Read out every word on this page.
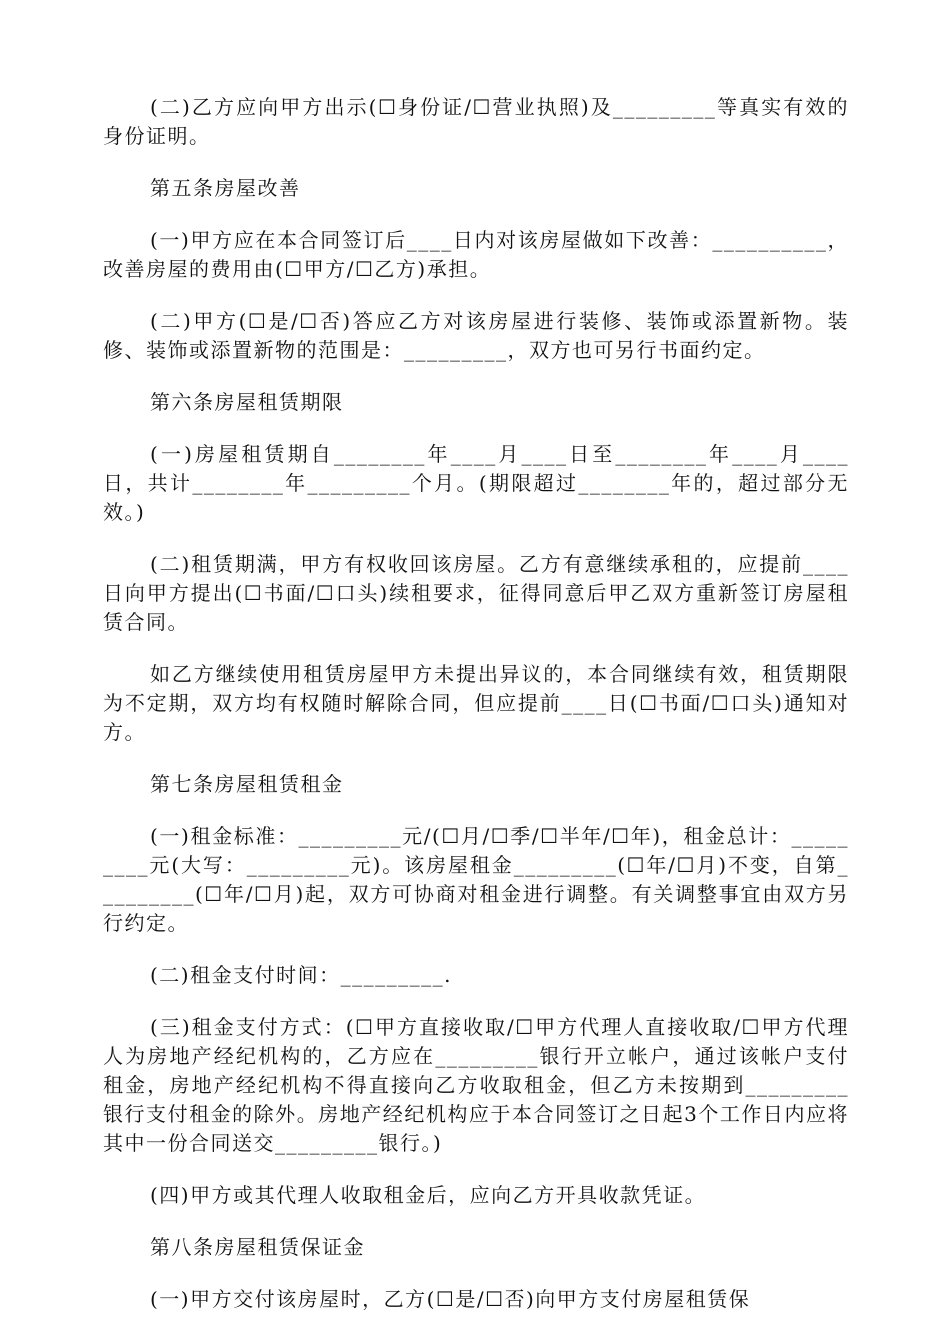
(二)乙方应向甲方出示(☐身份证/☐营业执照)及_________等真实有效的身份证明。

第五条房屋改善

(一)甲方应在本合同签订后____日内对该房屋做如下改善：__________，改善房屋的费用由(☐甲方/☐乙方)承担。

(二)甲方(☐是/☐否)答应乙方对该房屋进行装修、装饰或添置新物。装修、装饰或添置新物的范围是：_________，双方也可另行书面约定。

第六条房屋租赁期限

(一)房屋租赁期自________年____月____日至________年____月____日，共计________年_________个月。(期限超过________年的，超过部分无效。)

(二)租赁期满，甲方有权收回该房屋。乙方有意继续承租的，应提前____日向甲方提出(☐书面/☐口头)续租要求，征得同意后甲乙双方重新签订房屋租赁合同。

如乙方继续使用租赁房屋甲方未提出异议的，本合同继续有效，租赁期限为不定期，双方均有权随时解除合同，但应提前____日(☐书面/☐口头)通知对方。

第七条房屋租赁租金

(一)租金标准：_________元/(☐月/☐季/☐半年/☐年)，租金总计：_________元(大写：_________元)。该房屋租金_________(☐年/☐月)不变，自第_________(☐年/☐月)起，双方可协商对租金进行调整。有关调整事宜由双方另行约定。

(二)租金支付时间：_________.

(三)租金支付方式：(☐甲方直接收取/☐甲方代理人直接收取/☐甲方代理人为房地产经纪机构的，乙方应在_________银行开立帐户，通过该帐户支付租金，房地产经纪机构不得直接向乙方收取租金，但乙方未按期到_________银行支付租金的除外。房地产经纪机构应于本合同签订之日起3个工作日内应将其中一份合同送交_________银行。)

(四)甲方或其代理人收取租金后，应向乙方开具收款凭证。

第八条房屋租赁保证金

(一)甲方交付该房屋时，乙方(☐是/☐否)向甲方支付房屋租赁保
